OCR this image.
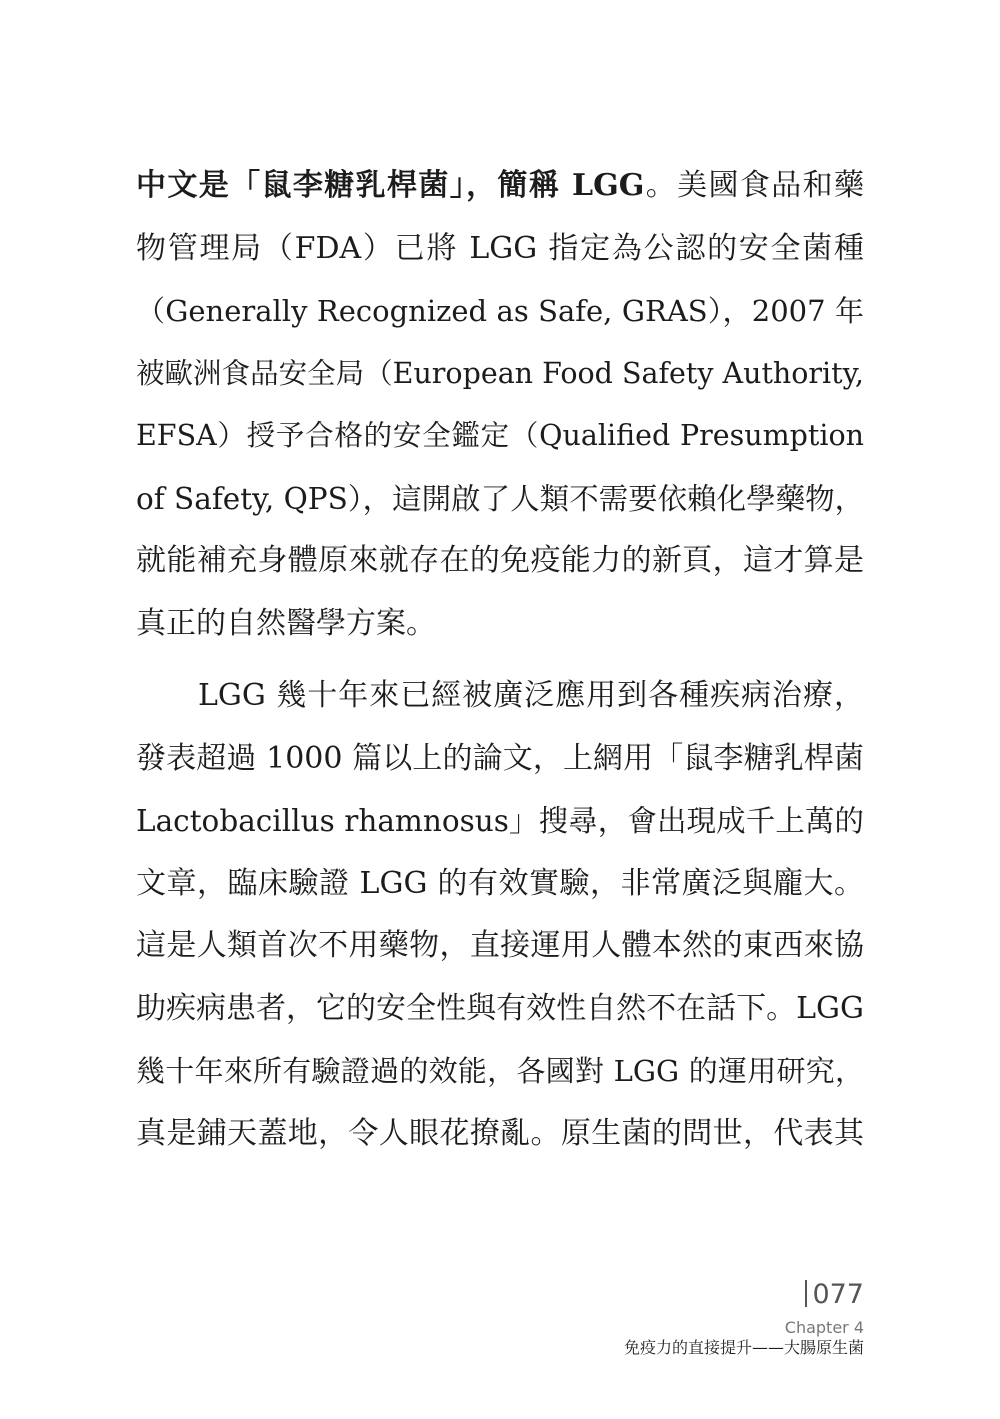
中文是「鼠李糖乳桿菌」，簡稱 LGG。美國食品和藥
物管理局（FDA）已將 LGG 指定為公認的安全菌種
（Generally Recognized as Safe, GRAS），2007 年
被歐洲食品安全局（European Food Safety Authority,
EFSA）授予合格的安全鑑定（Qualified Presumption
of Safety, QPS），這開啟了人類不需要依賴化學藥物，
就能補充身體原來就存在的免疫能力的新頁，這才算是
真正的自然醫學方案。
　　LGG 幾十年來已經被廣泛應用到各種疾病治療，
發表超過 1000 篇以上的論文，上網用「鼠李糖乳桿菌
Lactobacillus rhamnosus」搜尋，會出現成千上萬的
文章，臨床驗證 LGG 的有效實驗，非常廣泛與龐大。
這是人類首次不用藥物，直接運用人體本然的東西來協
助疾病患者，它的安全性與有效性自然不在話下。LGG
幾十年來所有驗證過的效能，各國對 LGG 的運用研究，
真是鋪天蓋地，令人眼花撩亂。原生菌的問世，代表其
077
Chapter 4
免疫力的直接提升——大腸原生菌
